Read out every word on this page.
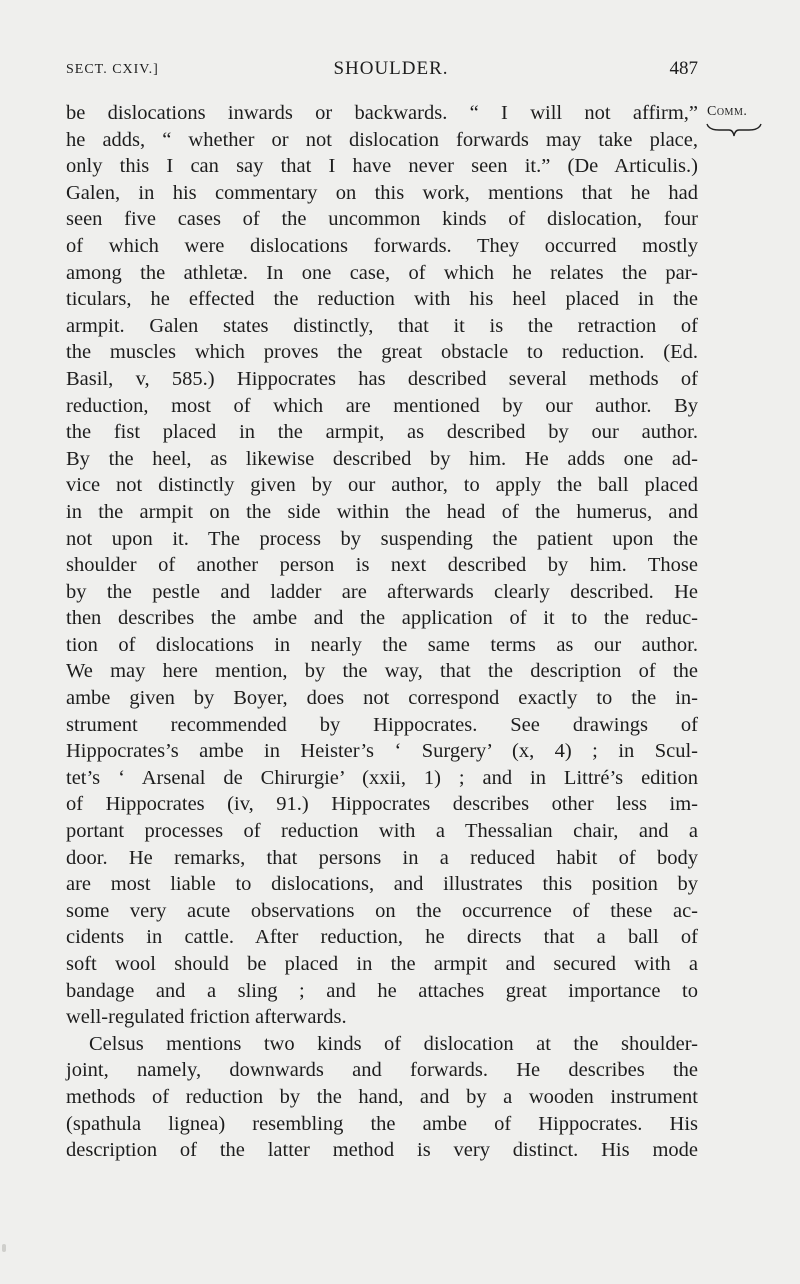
SECT. CXIV.]	SHOULDER.	487
Comm.
be dislocations inwards or backwards. “ I will not affirm,”
he adds, “ whether or not dislocation forwards may take place,
only this I can say that I have never seen it.” (De Articulis.)
Galen, in his commentary on this work, mentions that he had
seen five cases of the uncommon kinds of dislocation, four
of which were dislocations forwards. They occurred mostly
among the athletæ. In one case, of which he relates the par-
ticulars, he effected the reduction with his heel placed in the
armpit. Galen states distinctly, that it is the retraction of
the muscles which proves the great obstacle to reduction. (Ed.
Basil, v, 585.) Hippocrates has described several methods of
reduction, most of which are mentioned by our author. By
the fist placed in the armpit, as described by our author.
By the heel, as likewise described by him. He adds one ad-
vice not distinctly given by our author, to apply the ball placed
in the armpit on the side within the head of the humerus, and
not upon it. The process by suspending the patient upon the
shoulder of another person is next described by him. Those
by the pestle and ladder are afterwards clearly described. He
then describes the ambe and the application of it to the reduc-
tion of dislocations in nearly the same terms as our author.
We may here mention, by the way, that the description of the
ambe given by Boyer, does not correspond exactly to the in-
strument recommended by Hippocrates. See drawings of
Hippocrates’s ambe in Heister’s ‘ Surgery’ (x, 4) ; in Scul-
tet’s ‘ Arsenal de Chirurgie’ (xxii, 1) ; and in Littré’s edition
of Hippocrates (iv, 91.) Hippocrates describes other less im-
portant processes of reduction with a Thessalian chair, and a
door. He remarks, that persons in a reduced habit of body
are most liable to dislocations, and illustrates this position by
some very acute observations on the occurrence of these ac-
cidents in cattle. After reduction, he directs that a ball of
soft wool should be placed in the armpit and secured with a
bandage and a sling ; and he attaches great importance to
well-regulated friction afterwards.
Celsus mentions two kinds of dislocation at the shoulder-
joint, namely, downwards and forwards. He describes the
methods of reduction by the hand, and by a wooden instrument
(spathula lignea) resembling the ambe of Hippocrates. His
description of the latter method is very distinct. His mode
